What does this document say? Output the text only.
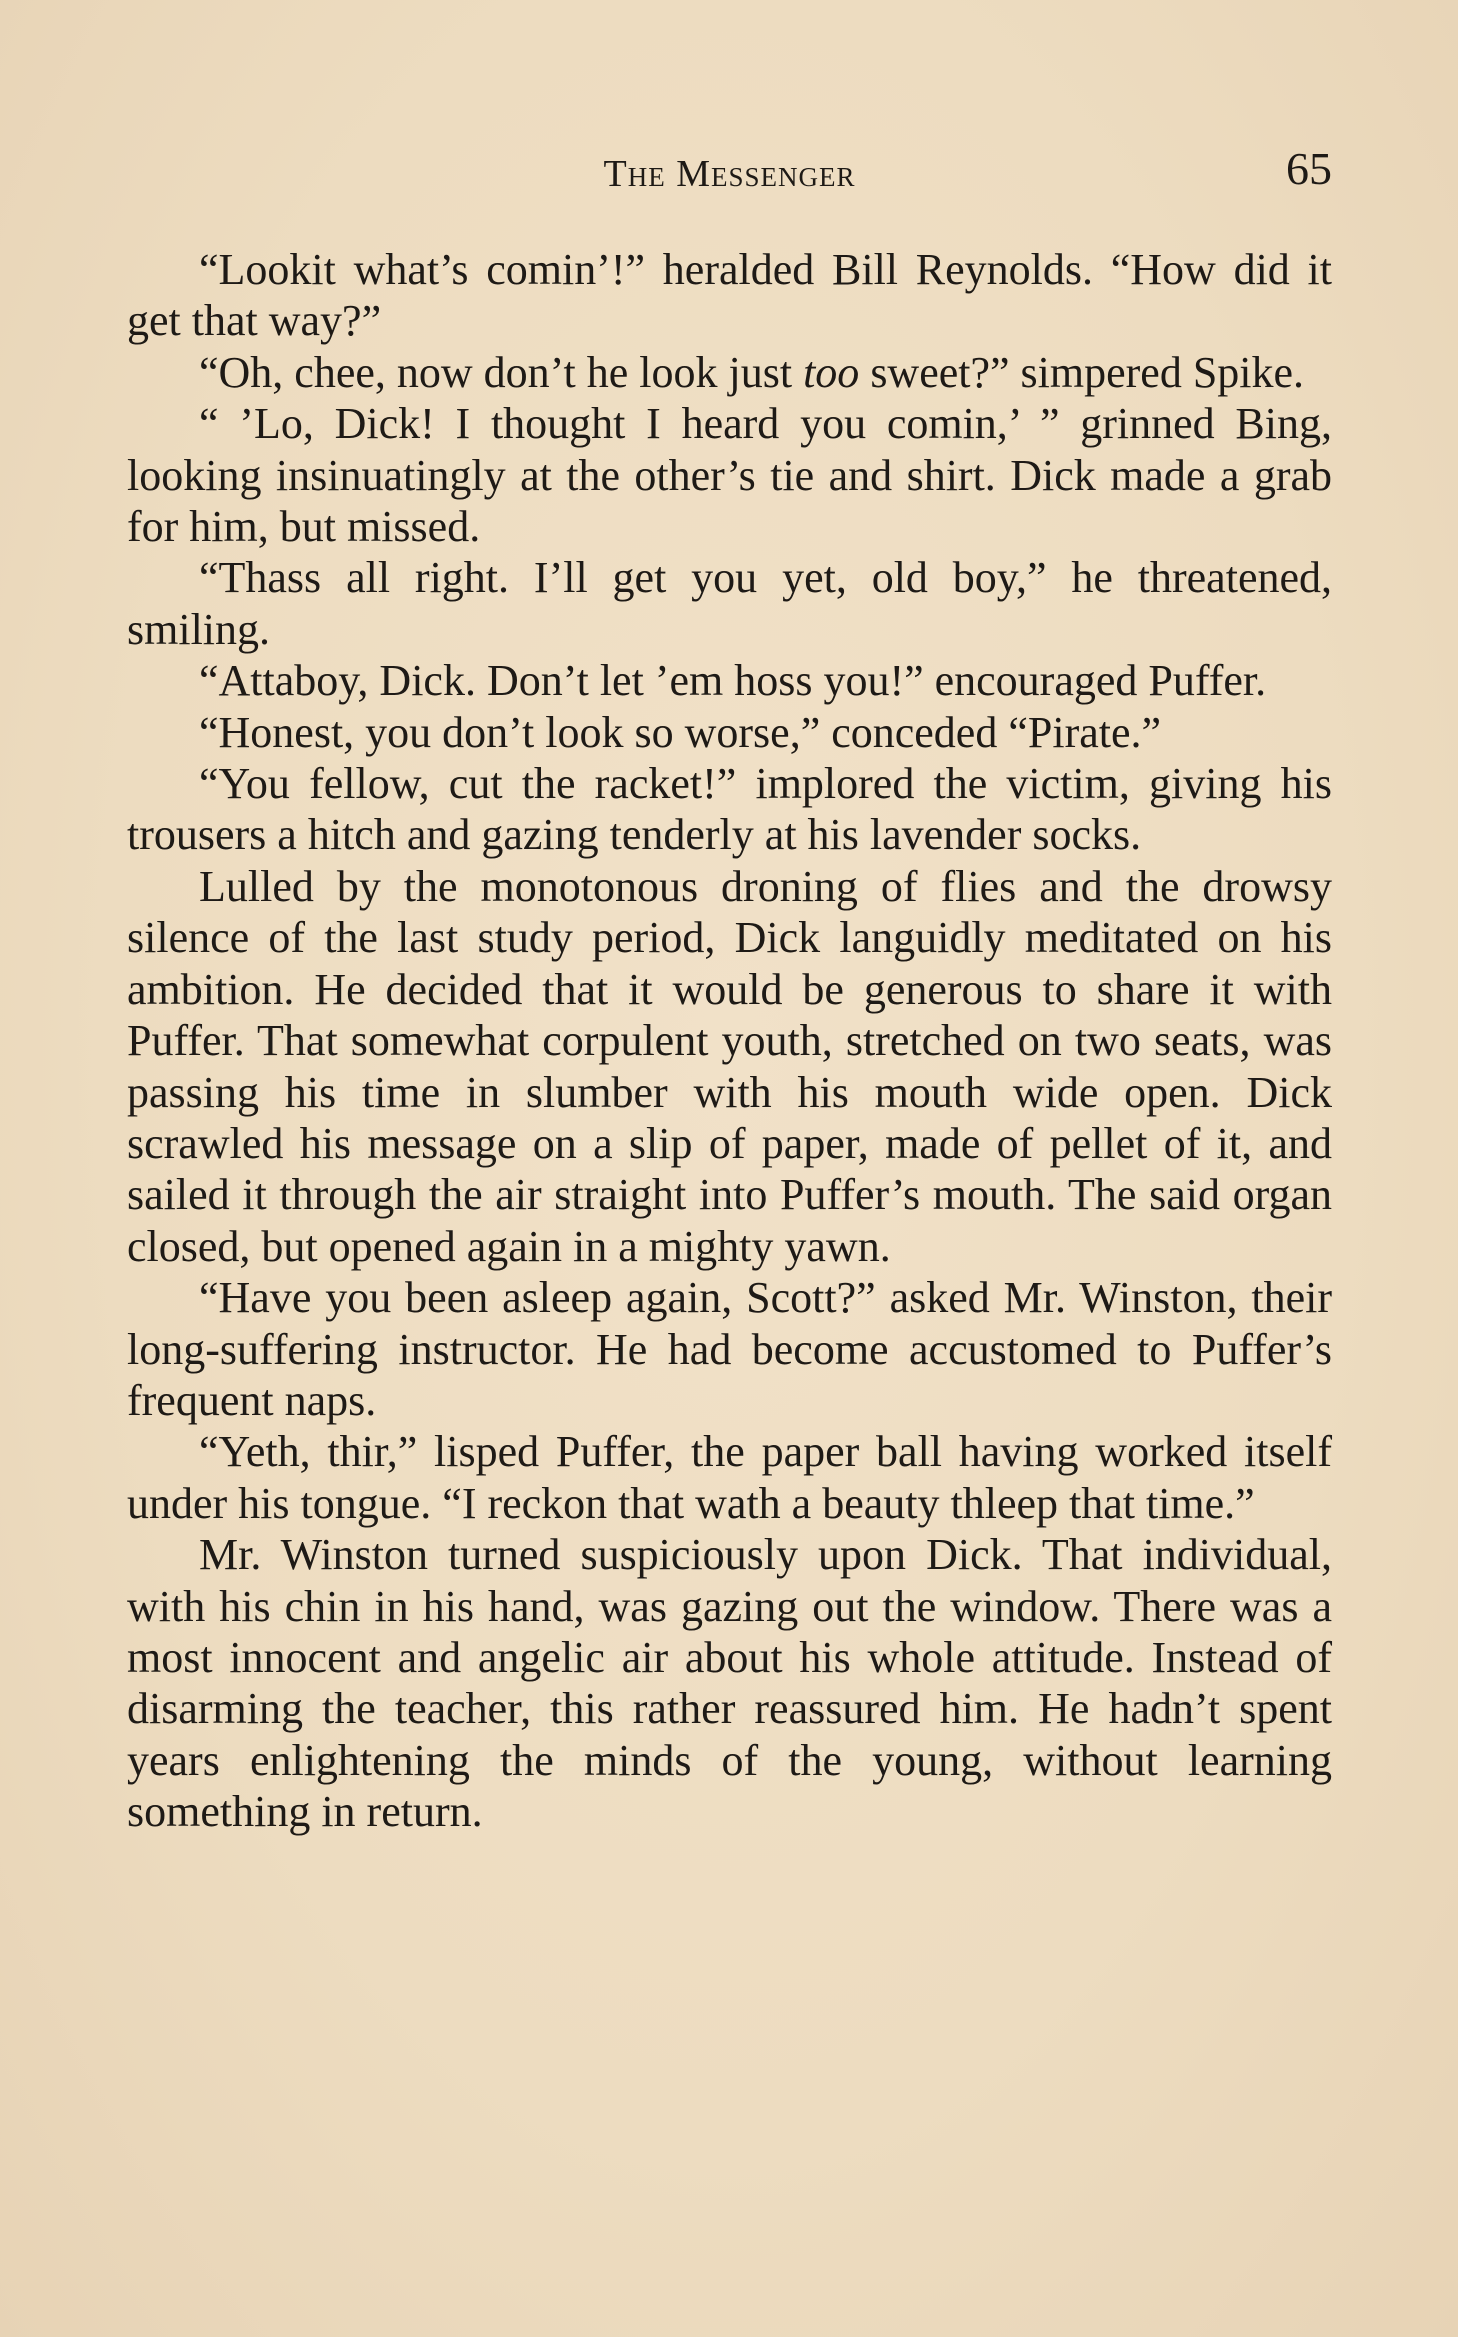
The Messenger	65

“Lookit what’s comin’!” heralded Bill Reynolds. “How did it get that way?”

“Oh, chee, now don’t he look just too sweet?” simpered Spike.

“ ’Lo, Dick! I thought I heard you comin,’ ” grinned Bing, looking insinuatingly at the other’s tie and shirt. Dick made a grab for him, but missed.

“Thass all right. I’ll get you yet, old boy,” he threatened, smiling.

“Attaboy, Dick. Don’t let ’em hoss you!” encouraged Puffer.

“Honest, you don’t look so worse,” conceded “Pirate.”

“You fellow, cut the racket!” implored the victim, giving his trousers a hitch and gazing tenderly at his lavender socks.

Lulled by the monotonous droning of flies and the drowsy silence of the last study period, Dick languidly meditated on his ambition. He decided that it would be generous to share it with Puffer. That somewhat corpulent youth, stretched on two seats, was passing his time in slumber with his mouth wide open. Dick scrawled his message on a slip of paper, made of pellet of it, and sailed it through the air straight into Puffer’s mouth. The said organ closed, but opened again in a mighty yawn.

“Have you been asleep again, Scott?” asked Mr. Winston, their long-suffering instructor. He had become accustomed to Puffer’s frequent naps.

“Yeth, thir,” lisped Puffer, the paper ball having worked itself under his tongue. “I reckon that wath a beauty thleep that time.”

Mr. Winston turned suspiciously upon Dick. That individual, with his chin in his hand, was gazing out the window. There was a most innocent and angelic air about his whole attitude. Instead of disarming the teacher, this rather reassured him. He hadn’t spent years enlightening the minds of the young, without learning something in return.
